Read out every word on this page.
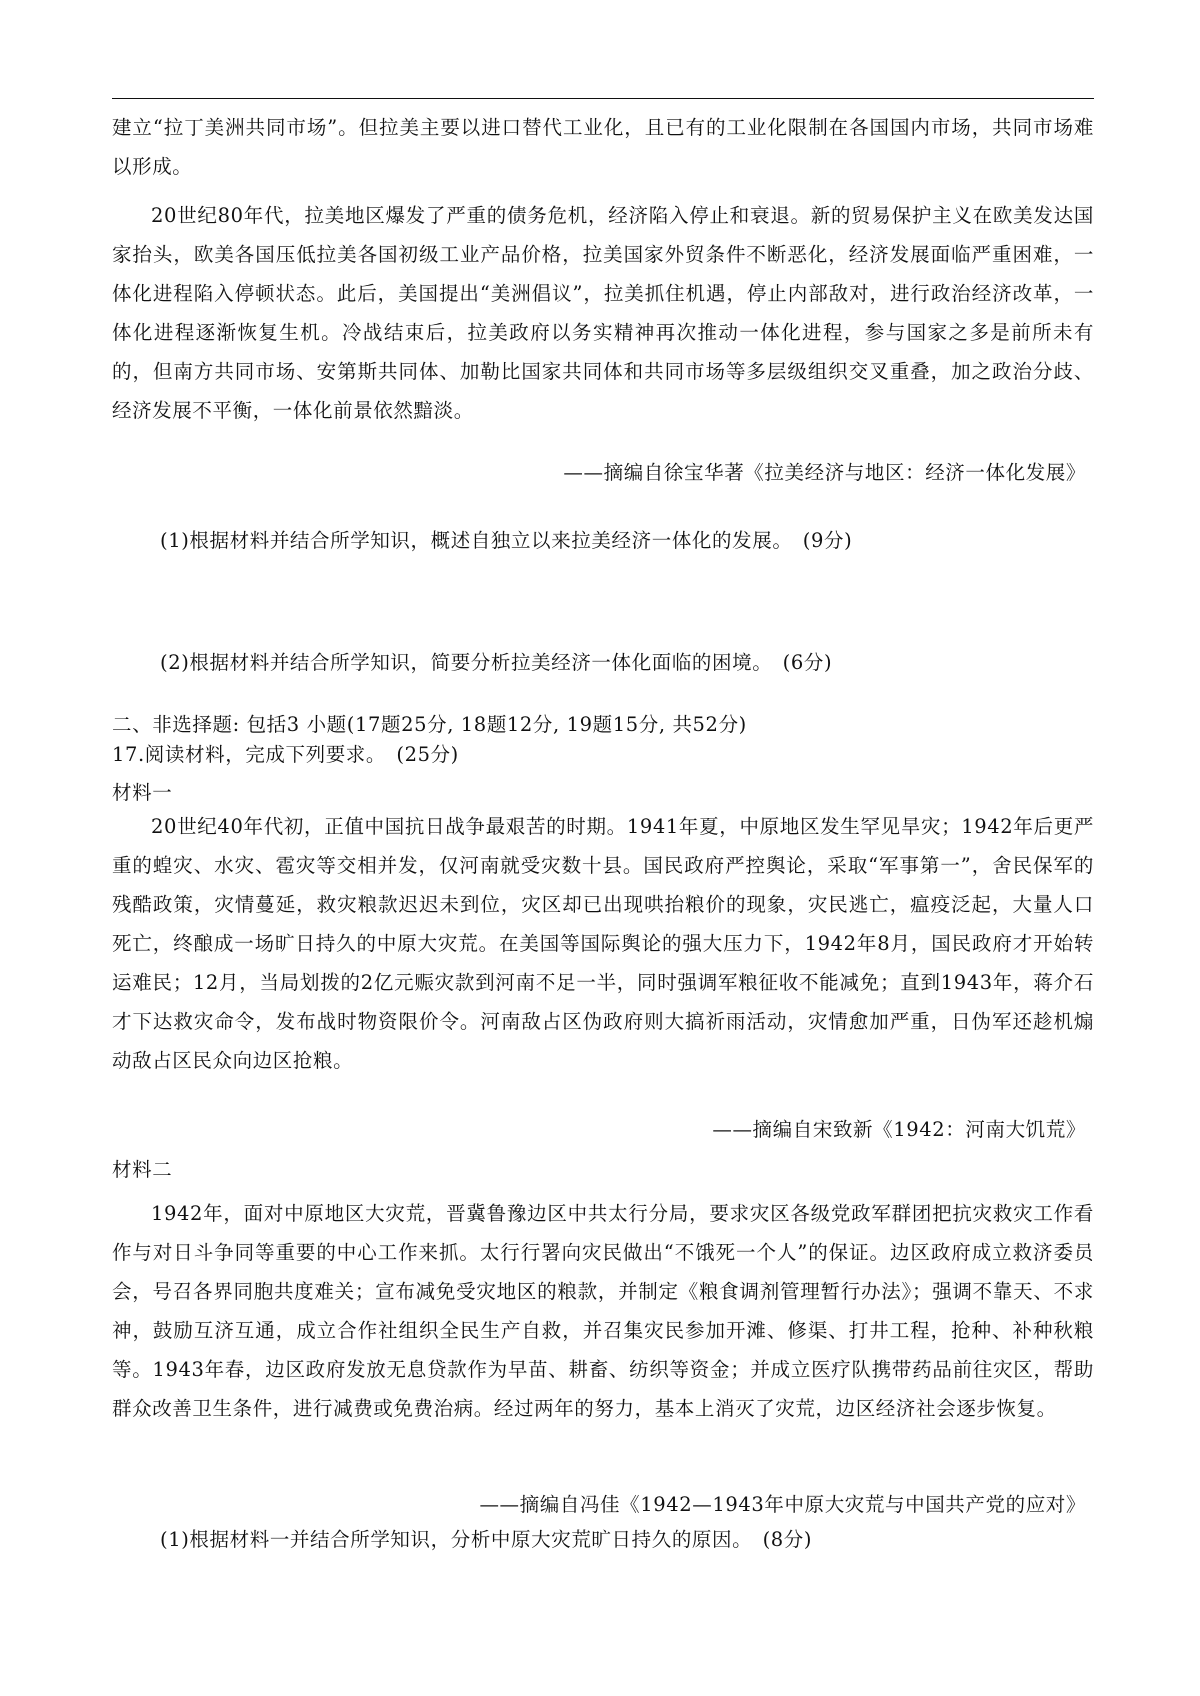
建立“拉丁美洲共同市场”。但拉美主要以进口替代工业化，且已有的工业化限制在各国国内市场，共同市场难以形成。

20世纪80年代，拉美地区爆发了严重的债务危机，经济陷入停止和衰退。新的贸易保护主义在欧美发达国家抬头，欧美各国压低拉美各国初级工业产品价格，拉美国家外贸条件不断恶化，经济发展面临严重困难，一体化进程陷入停顿状态。此后，美国提出“美洲倡议”，拉美抓住机遇，停止内部敌对，进行政治经济改革，一体化进程逐渐恢复生机。冷战结束后，拉美政府以务实精神再次推动一体化进程，参与国家之多是前所未有的，但南方共同市场、安第斯共同体、加勒比国家共同体和共同市场等多层级组织交叉重叠，加之政治分歧、经济发展不平衡，一体化前景依然黯淡。

——摘编自徐宝华著《拉美经济与地区：经济一体化发展》

(1)根据材料并结合所学知识，概述自独立以来拉美经济一体化的发展。　(9分)

(2)根据材料并结合所学知识，简要分析拉美经济一体化面临的困境。　(6分)

二、非选择题: 包括3 小题(17题25分, 18题12分, 19题15分, 共52分)

17.阅读材料，完成下列要求。　(25分)

材料一

20世纪40年代初，正值中国抗日战争最艰苦的时期。1941年夏，中原地区发生罕见旱灾；1942年后更严重的蝗灾、水灾、雹灾等交相并发，仅河南就受灾数十县。国民政府严控舆论，采取“军事第一”，舍民保军的残酷政策，灾情蔓延，救灾粮款迟迟未到位，灾区却已出现哄抬粮价的现象，灾民逃亡，瘟疫泛起，大量人口死亡，终酿成一场旷日持久的中原大灾荒。在美国等国际舆论的强大压力下，1942年8月，国民政府才开始转运难民；12月，当局划拨的2亿元赈灾款到河南不足一半，同时强调军粮征收不能减免；直到1943年，蒋介石才下达救灾命令，发布战时物资限价令。河南敌占区伪政府则大搞祈雨活动，灾情愈加严重，日伪军还趁机煽动敌占区民众向边区抢粮。

——摘编自宋致新《1942：河南大饥荒》

材料二

1942年，面对中原地区大灾荒，晋冀鲁豫边区中共太行分局，要求灾区各级党政军群团把抗灾救灾工作看作与对日斗争同等重要的中心工作来抓。太行行署向灾民做出“不饿死一个人”的保证。边区政府成立救济委员会，号召各界同胞共度难关；宣布减免受灾地区的粮款，并制定《粮食调剂管理暂行办法》；强调不靠天、不求神，鼓励互济互通，成立合作社组织全民生产自救，并召集灾民参加开滩、修渠、打井工程，抢种、补种秋粮等。1943年春，边区政府发放无息贷款作为早苗、耕畜、纺织等资金；并成立医疗队携带药品前往灾区，帮助群众改善卫生条件，进行减费或免费治病。经过两年的努力，基本上消灭了灾荒，边区经济社会逐步恢复。

——摘编自冯佳《1942—1943年中原大灾荒与中国共产党的应对》

(1)根据材料一并结合所学知识，分析中原大灾荒旷日持久的原因。　(8分)
